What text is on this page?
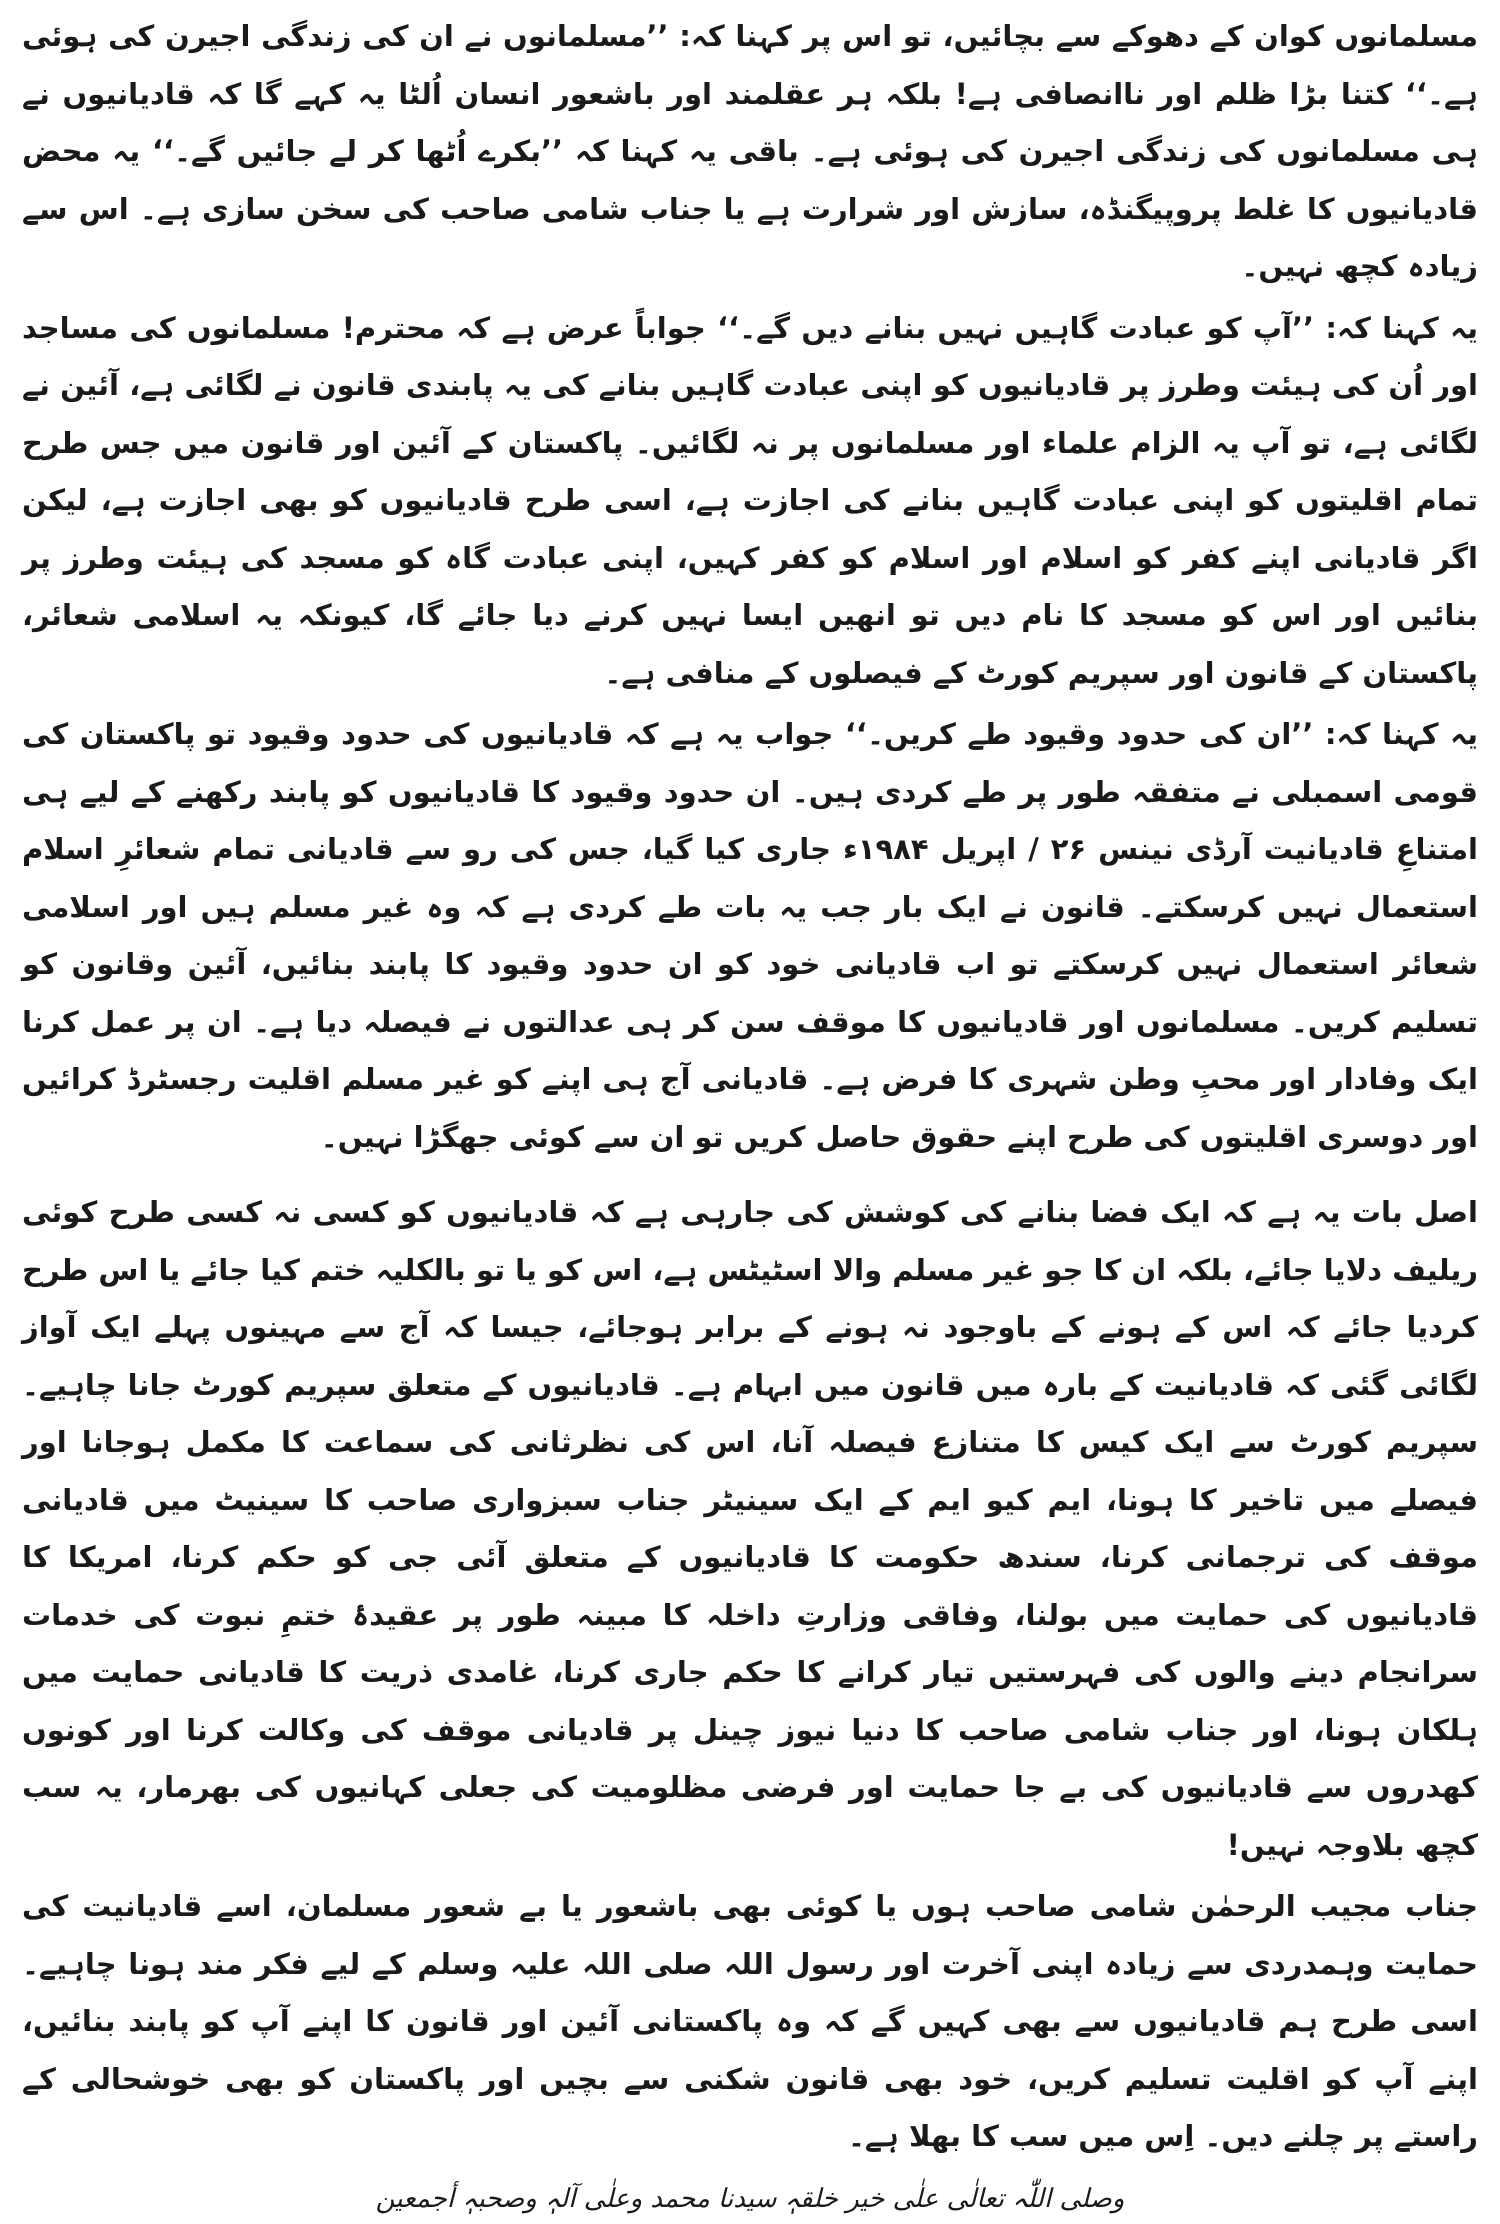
مسلمانوں کوان کے دھوکے سے بچائیں، تو اس پر کہنا کہ: ’’مسلمانوں نے ان کی زندگی اجیرن کی ہوئی ہے۔‘‘ کتنا بڑا ظلم اور ناانصافی ہے! بلکہ ہر عقلمند اور باشعور انسان اُلٹا یہ کہے گا کہ قادیانیوں نے ہی مسلمانوں کی زندگی اجیرن کی ہوئی ہے۔ باقی یہ کہنا کہ ’’بکرے اُٹھا کر لے جائیں گے۔‘‘ یہ محض قادیانیوں کا غلط پروپیگنڈہ، سازش اور شرارت ہے یا جناب شامی صاحب کی سخن سازی ہے۔ اس سے زیادہ کچھ نہیں۔

یہ کہنا کہ: ’’آپ کو عبادت گاہیں نہیں بنانے دیں گے۔‘‘ جواباً عرض ہے کہ محترم! مسلمانوں کی مساجد اور اُن کی ہیئت وطرز پر قادیانیوں کو اپنی عبادت گاہیں بنانے کی یہ پابندی قانون نے لگائی ہے، آئین نے لگائی ہے، تو آپ یہ الزام علماء اور مسلمانوں پر نہ لگائیں۔ پاکستان کے آئین اور قانون میں جس طرح تمام اقلیتوں کو اپنی عبادت گاہیں بنانے کی اجازت ہے، اسی طرح قادیانیوں کو بھی اجازت ہے، لیکن اگر قادیانی اپنے کفر کو اسلام اور اسلام کو کفر کہیں، اپنی عبادت گاہ کو مسجد کی ہیئت وطرز پر بنائیں اور اس کو مسجد کا نام دیں تو انھیں ایسا نہیں کرنے دیا جائے گا، کیونکہ یہ اسلامی شعائر، پاکستان کے قانون اور سپریم کورٹ کے فیصلوں کے منافی ہے۔

یہ کہنا کہ: ’’ان کی حدود وقیود طے کریں۔‘‘ جواب یہ ہے کہ قادیانیوں کی حدود وقیود تو پاکستان کی قومی اسمبلی نے متفقہ طور پر طے کردی ہیں۔ ان حدود وقیود کا قادیانیوں کو پابند رکھنے کے لیے ہی امتناعِ قادیانیت آرڈی نینس ۲۶ / اپریل ۱۹۸۴ء جاری کیا گیا، جس کی رو سے قادیانی تمام شعائرِ اسلام استعمال نہیں کرسکتے۔ قانون نے ایک بار جب یہ بات طے کردی ہے کہ وہ غیر مسلم ہیں اور اسلامی شعائر استعمال نہیں کرسکتے تو اب قادیانی خود کو ان حدود وقیود کا پابند بنائیں، آئین وقانون کو تسلیم کریں۔ مسلمانوں اور قادیانیوں کا موقف سن کر ہی عدالتوں نے فیصلہ دیا ہے۔ ان پر عمل کرنا ایک وفادار اور محبِ وطن شہری کا فرض ہے۔ قادیانی آج ہی اپنے کو غیر مسلم اقلیت رجسٹرڈ کرائیں اور دوسری اقلیتوں کی طرح اپنے حقوق حاصل کریں تو ان سے کوئی جھگڑا نہیں۔

اصل بات یہ ہے کہ ایک فضا بنانے کی کوشش کی جارہی ہے کہ قادیانیوں کو کسی نہ کسی طرح کوئی ریلیف دلایا جائے، بلکہ ان کا جو غیر مسلم والا اسٹیٹس ہے، اس کو یا تو بالکلیہ ختم کیا جائے یا اس طرح کردیا جائے کہ اس کے ہونے کے باوجود نہ ہونے کے برابر ہوجائے، جیسا کہ آج سے مہینوں پہلے ایک آواز لگائی گئی کہ قادیانیت کے بارہ میں قانون میں ابہام ہے۔ قادیانیوں کے متعلق سپریم کورٹ جانا چاہیے۔ سپریم کورٹ سے ایک کیس کا متنازع فیصلہ آنا، اس کی نظرثانی کی سماعت کا مکمل ہوجانا اور فیصلے میں تاخیر کا ہونا، ایم کیو ایم کے ایک سینیٹر جناب سبزواری صاحب کا سینیٹ میں قادیانی موقف کی ترجمانی کرنا، سندھ حکومت کا قادیانیوں کے متعلق آئی جی کو حکم کرنا، امریکا کا قادیانیوں کی حمایت میں بولنا، وفاقی وزارتِ داخلہ کا مبینہ طور پر عقیدۂ ختمِ نبوت کی خدمات سرانجام دینے والوں کی فہرستیں تیار کرانے کا حکم جاری کرنا، غامدی ذریت کا قادیانی حمایت میں ہلکان ہونا، اور جناب شامی صاحب کا دنیا نیوز چینل پر قادیانی موقف کی وکالت کرنا اور کونوں کھدروں سے قادیانیوں کی بے جا حمایت اور فرضی مظلومیت کی جعلی کہانیوں کی بھرمار، یہ سب کچھ بلاوجہ نہیں!

جناب مجیب الرحمٰن شامی صاحب ہوں یا کوئی بھی باشعور یا بے شعور مسلمان، اسے قادیانیت کی حمایت وہمدردی سے زیادہ اپنی آخرت اور رسول اللہ صلی اللہ علیہ وسلم کے لیے فکر مند ہونا چاہیے۔ اسی طرح ہم قادیانیوں سے بھی کہیں گے کہ وہ پاکستانی آئین اور قانون کا اپنے آپ کو پابند بنائیں، اپنے آپ کو اقلیت تسلیم کریں، خود بھی قانون شکنی سے بچیں اور پاکستان کو بھی خوشحالی کے راستے پر چلنے دیں۔ اِس میں سب کا بھلا ہے۔

وصلی اللّٰہ تعالٰی علٰی خیر خلقہٖ سیدنا محمد وعلٰی آلہٖ وصحبہٖ أجمعین
